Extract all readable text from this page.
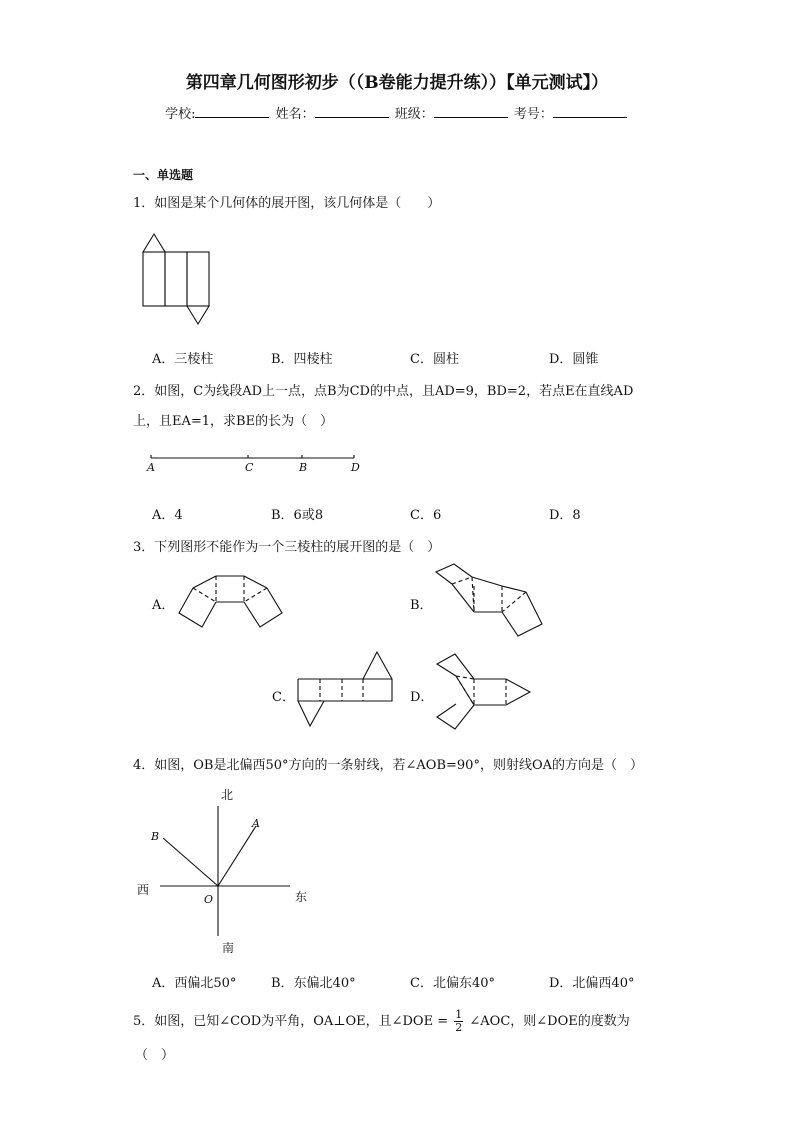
第四章几何图形初步（（B卷能力提升练））【单元测试】）
学校:	姓名：	班级：	考号：
一、单选题
1．如图是某个几何体的展开图，该几何体是（　　）
A．三棱柱	B．四棱柱	C．圆柱	D．圆锥
2．如图，C为线段AD上一点，点B为CD的中点，且AD=9，BD=2，若点E在直线AD
上，且EA=1，求BE的长为（　）
A	C	B	D
A．4	B．6或8	C．6	D．8
3．下列图形不能作为一个三棱柱的展开图的是（　）
A．	B．
C．	D．
4．如图，OB是北偏西50°方向的一条射线，若∠AOB=90°，则射线OA的方向是（　）
北
南
西	东
O
B
A
A．西偏北50°	B．东偏北40°	C．北偏东40°	D．北偏西40°
5．如图，已知∠COD为平角，OA⊥OE，且∠DOE = $\frac{1}{2}$ ∠AOC，则∠DOE的度数为
（　）
